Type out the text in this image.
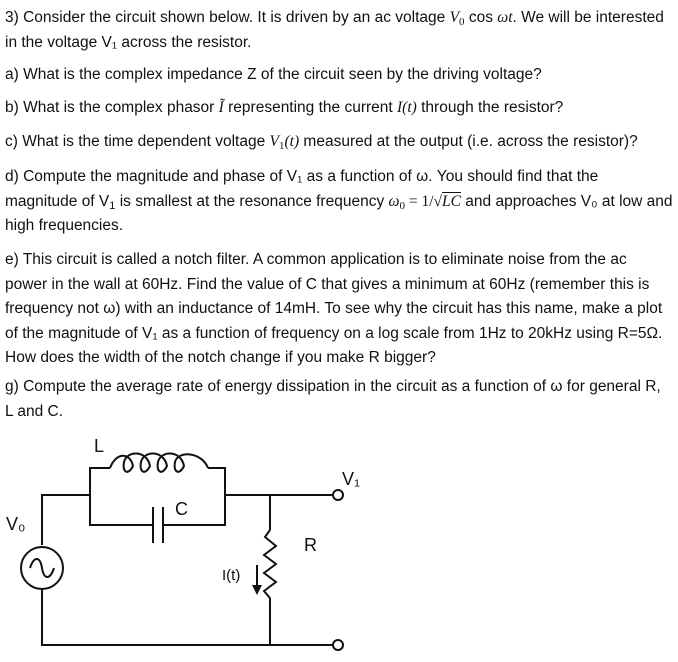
3) Consider the circuit shown below. It is driven by an ac voltage $V_0$ cos ωt. We will be interested in the voltage V₁ across the resistor.
a) What is the complex impedance Z of the circuit seen by the driving voltage?
b) What is the complex phasor Ĩ representing the current I(t) through the resistor?
c) What is the time dependent voltage $V_1(t)$ measured at the output (i.e. across the resistor)?
d) Compute the magnitude and phase of V₁ as a function of ω. You should find that the magnitude of $V_1$ is smallest at the resonance frequency $\omega_0 = 1/√LC$ and approaches V₀ at low and high frequencies.
e) This circuit is called a notch filter. A common application is to eliminate noise from the ac power in the wall at 60Hz. Find the value of C that gives a minimum at 60Hz (remember this is frequency not ω) with an inductance of 14mH. To see why the circuit has this name, make a plot of the magnitude of V₁ as a function of frequency on a log scale from 1Hz to 20kHz using R=5Ω. How does the width of the notch change if you make R bigger?
g) Compute the average rate of energy dissipation in the circuit as a function of ω for general R, L and C.
L
C
R
V₀
V₁
I(t)
